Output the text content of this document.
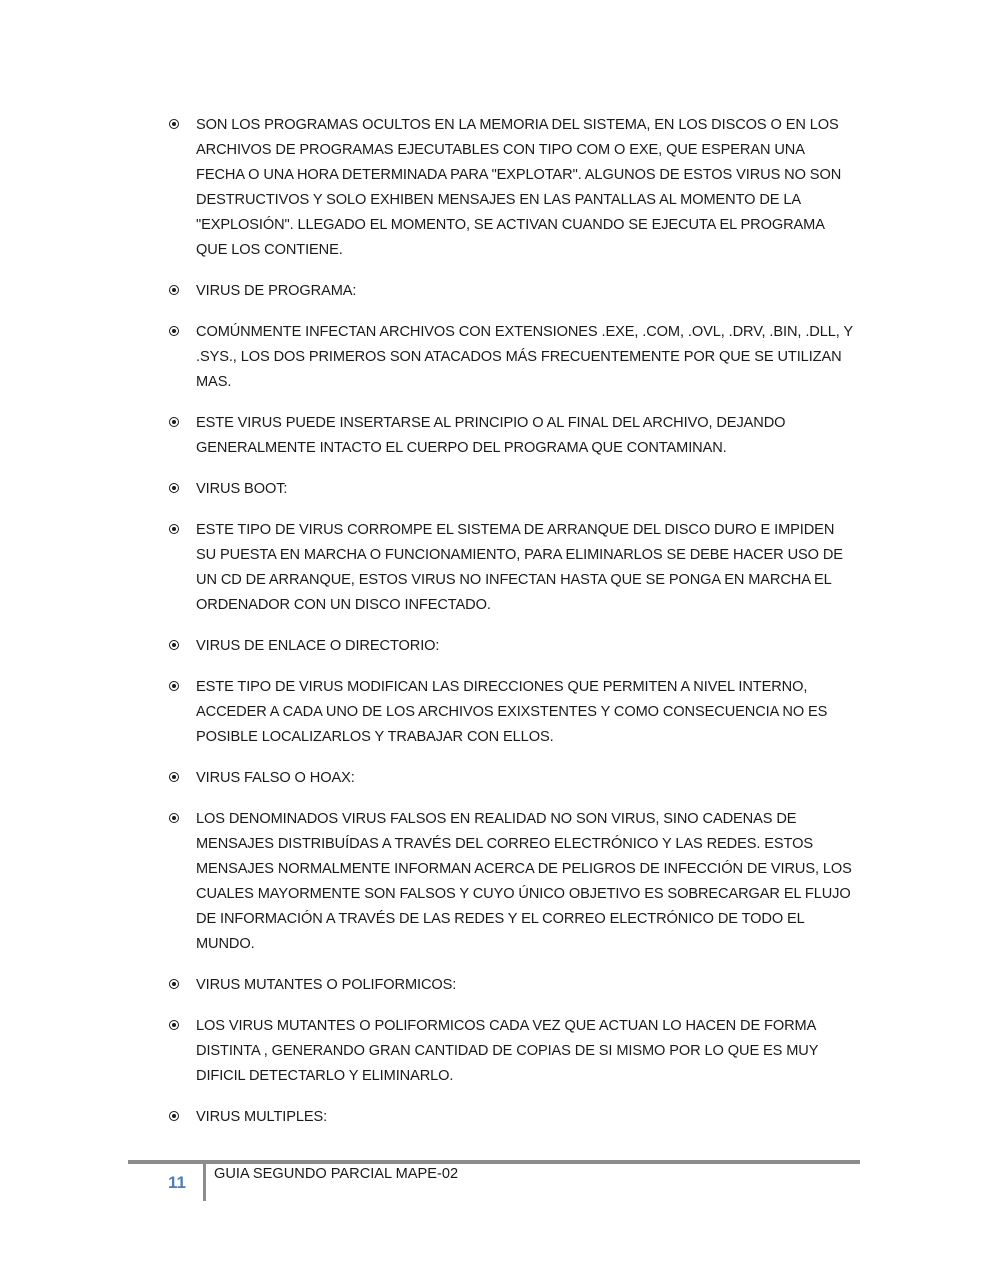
SON LOS PROGRAMAS OCULTOS EN LA MEMORIA DEL SISTEMA, EN LOS DISCOS O EN LOS ARCHIVOS DE PROGRAMAS EJECUTABLES CON TIPO COM O EXE, QUE ESPERAN UNA FECHA O UNA HORA DETERMINADA PARA "EXPLOTAR". ALGUNOS DE ESTOS VIRUS NO SON DESTRUCTIVOS Y SOLO EXHIBEN MENSAJES EN LAS PANTALLAS AL MOMENTO DE LA "EXPLOSIÓN". LLEGADO EL MOMENTO, SE ACTIVAN CUANDO SE EJECUTA EL PROGRAMA QUE LOS CONTIENE.
VIRUS DE PROGRAMA:
COMÚNMENTE INFECTAN ARCHIVOS CON EXTENSIONES .EXE, .COM, .OVL, .DRV, .BIN, .DLL, Y .SYS., LOS DOS PRIMEROS SON ATACADOS MÁS FRECUENTEMENTE POR QUE SE UTILIZAN MAS.
ESTE VIRUS PUEDE INSERTARSE AL PRINCIPIO O AL FINAL DEL ARCHIVO, DEJANDO GENERALMENTE INTACTO EL CUERPO DEL PROGRAMA QUE CONTAMINAN.
VIRUS BOOT:
ESTE TIPO DE VIRUS CORROMPE EL SISTEMA DE ARRANQUE DEL DISCO DURO E IMPIDEN SU PUESTA EN MARCHA O FUNCIONAMIENTO, PARA ELIMINARLOS SE DEBE HACER USO DE UN CD DE ARRANQUE, ESTOS VIRUS NO INFECTAN HASTA QUE SE PONGA EN MARCHA EL ORDENADOR CON UN DISCO INFECTADO.
VIRUS DE ENLACE O DIRECTORIO:
ESTE TIPO DE VIRUS MODIFICAN LAS DIRECCIONES QUE PERMITEN A NIVEL INTERNO, ACCEDER A CADA UNO DE LOS ARCHIVOS EXIXSTENTES Y COMO CONSECUENCIA NO ES POSIBLE LOCALIZARLOS Y TRABAJAR CON ELLOS.
VIRUS FALSO O HOAX:
LOS DENOMINADOS VIRUS FALSOS EN REALIDAD NO SON VIRUS, SINO CADENAS DE MENSAJES DISTRIBUÍDAS A TRAVÉS DEL CORREO ELECTRÓNICO Y LAS REDES. ESTOS MENSAJES NORMALMENTE INFORMAN ACERCA DE PELIGROS DE INFECCIÓN DE VIRUS, LOS CUALES MAYORMENTE SON FALSOS Y CUYO ÚNICO OBJETIVO ES SOBRECARGAR EL FLUJO DE INFORMACIÓN A TRAVÉS DE LAS REDES Y EL CORREO ELECTRÓNICO DE TODO EL MUNDO.
VIRUS MUTANTES O POLIFORMICOS:
LOS VIRUS MUTANTES O POLIFORMICOS CADA VEZ QUE ACTUAN LO HACEN DE FORMA DISTINTA , GENERANDO GRAN CANTIDAD DE COPIAS DE SI MISMO POR LO QUE ES MUY DIFICIL DETECTARLO Y ELIMINARLO.
VIRUS MULTIPLES:
11 GUIA SEGUNDO PARCIAL MAPE-02
